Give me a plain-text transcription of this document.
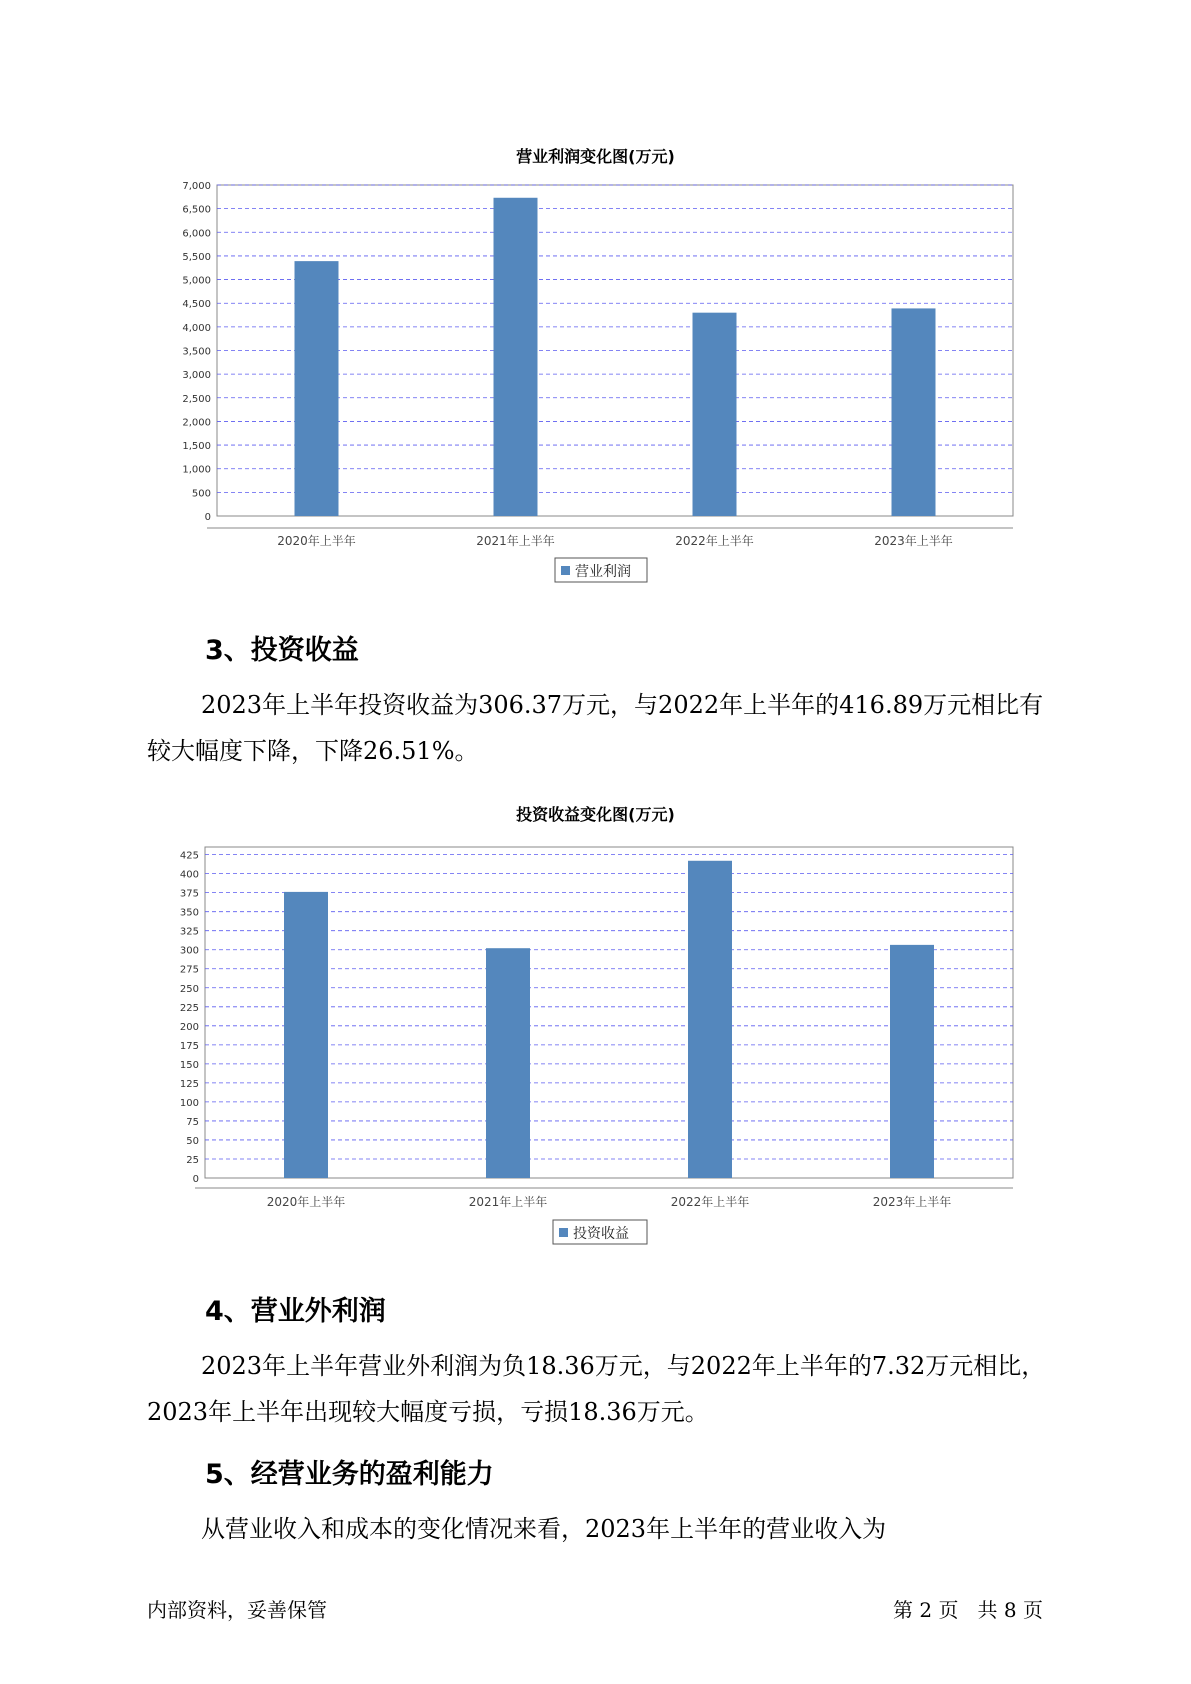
营业利润变化图(万元)
0
500
1,000
1,500
2,000
2,500
3,000
3,500
4,000
4,500
5,000
5,500
6,000
6,500
7,000
2020年上半年	2021年上半年	2022年上半年	2023年上半年
营业利润
3、投资收益
2023年上半年投资收益为306.37万元，与2022年上半年的416.89万元相比有较大幅度下降，下降26.51%。
投资收益变化图(万元)
0
25
50
75
100
125
150
175
200
225
250
275
300
325
350
375
400
425
2020年上半年	2021年上半年	2022年上半年	2023年上半年
投资收益
4、营业外利润
2023年上半年营业外利润为负18.36万元，与2022年上半年的7.32万元相比，2023年上半年出现较大幅度亏损，亏损18.36万元。
5、经营业务的盈利能力
从营业收入和成本的变化情况来看，2023年上半年的营业收入为
内部资料，妥善保管	第 2 页   共 8 页
